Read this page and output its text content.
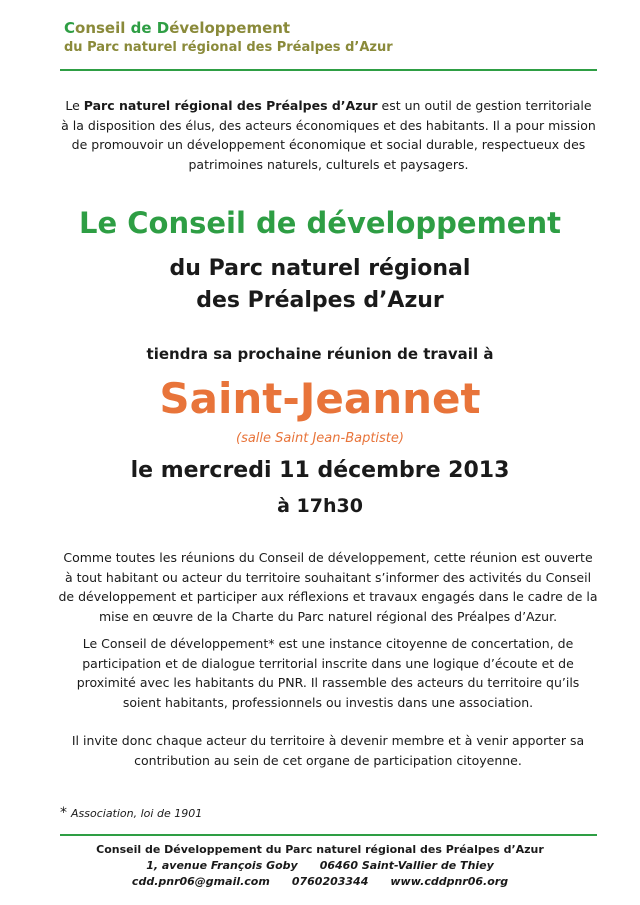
Conseil de Développement
du Parc naturel régional des Préalpes d’Azur
Le Parc naturel régional des Préalpes d’Azur est un outil de gestion territoriale à la disposition des élus, des acteurs économiques et des habitants. Il a pour mission de promouvoir un développement économique et social durable, respectueux des patrimoines naturels, culturels et paysagers.
Le Conseil de développement
du Parc naturel régional
des Préalpes d’Azur
tiendra sa prochaine réunion de travail à
Saint-Jeannet
(salle Saint Jean-Baptiste)
le mercredi 11 décembre 2013
à 17h30
Comme toutes les réunions du Conseil de développement, cette réunion est ouverte à tout habitant ou acteur du territoire souhaitant s’informer des activités du Conseil de développement et participer aux réflexions et travaux engagés dans le cadre de la mise en œuvre de la Charte du Parc naturel régional des Préalpes d’Azur.
Le Conseil de développement* est une instance citoyenne de concertation, de participation et de dialogue territorial inscrite dans une logique d’écoute et de proximité avec les habitants du PNR. Il rassemble des acteurs du territoire qu’ils soient habitants, professionnels ou investis dans une association.
Il invite donc chaque acteur du territoire à devenir membre et à venir apporter sa contribution au sein de cet organe de participation citoyenne.
* Association, loi de 1901
Conseil de Développement du Parc naturel régional des Préalpes d’Azur
1, avenue François Goby 06460 Saint-Vallier de Thiey
cdd.pnr06@gmail.com 0760203344 www.cddpnr06.org
